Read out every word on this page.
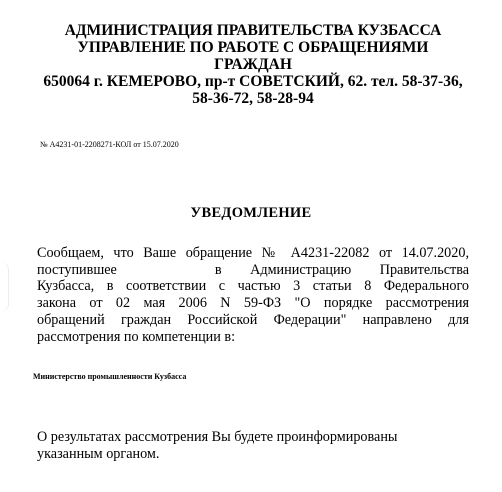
АДМИНИСТРАЦИЯ ПРАВИТЕЛЬСТВА КУЗБАССА
УПРАВЛЕНИЕ ПО РАБОТЕ С ОБРАЩЕНИЯМИ
ГРАЖДАН
650064 г. КЕМЕРОВО, пр-т СОВЕТСКИЙ, 62. тел. 58-37-36,
58-36-72, 58-28-94
№ А4231-01-2208271-КОЛ от 15.07.2020
УВЕДОМЛЕНИЕ
Сообщаем, что Ваше обращение № А4231-22082 от 14.07.2020,
поступившее	в Администрацию Правительства
Кузбасса, в соответствии с частью 3 статьи 8 Федерального
закона от 02 мая 2006 N 59-ФЗ "О порядке рассмотрения
обращений граждан Российской Федерации" направлено для
рассмотрения по компетенции в:
Министерство промышленности Кузбасса
О результатах рассмотрения Вы будете проинформированы
указанным органом.
